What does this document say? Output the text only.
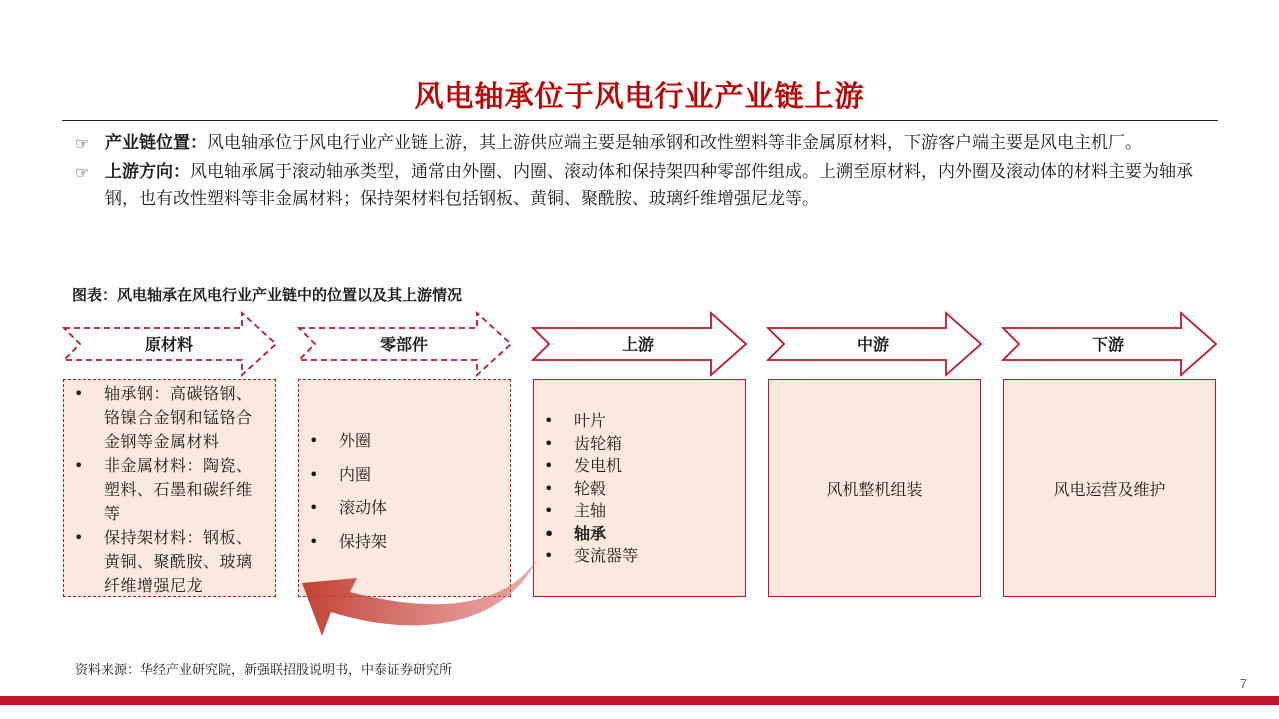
风电轴承位于风电行业产业链上游
☞ 产业链位置：风电轴承位于风电行业产业链上游，其上游供应端主要是轴承钢和改性塑料等非金属原材料，下游客户端主要是风电主机厂。
☞ 上游方向：风电轴承属于滚动轴承类型，通常由外圈、内圈、滚动体和保持架四种零部件组成。上溯至原材料，内外圈及滚动体的材料主要为轴承钢，也有改性塑料等非金属材料；保持架材料包括钢板、黄铜、聚酰胺、玻璃纤维增强尼龙等。
图表：风电轴承在风电行业产业链中的位置以及其上游情况
原材料	零部件	上游	中游	下游
• 轴承钢：高碳铬钢、铬镍合金钢和锰铬合金钢等金属材料
• 非金属材料：陶瓷、塑料、石墨和碳纤维等
• 保持架材料：钢板、黄铜、聚酰胺、玻璃纤维增强尼龙
• 外圈
• 内圈
• 滚动体
• 保持架
• 叶片
• 齿轮箱
• 发电机
• 轮毂
• 主轴
• 轴承
• 变流器等
风机整机组装	风电运营及维护
资料来源：华经产业研究院，新强联招股说明书，中泰证券研究所
7
